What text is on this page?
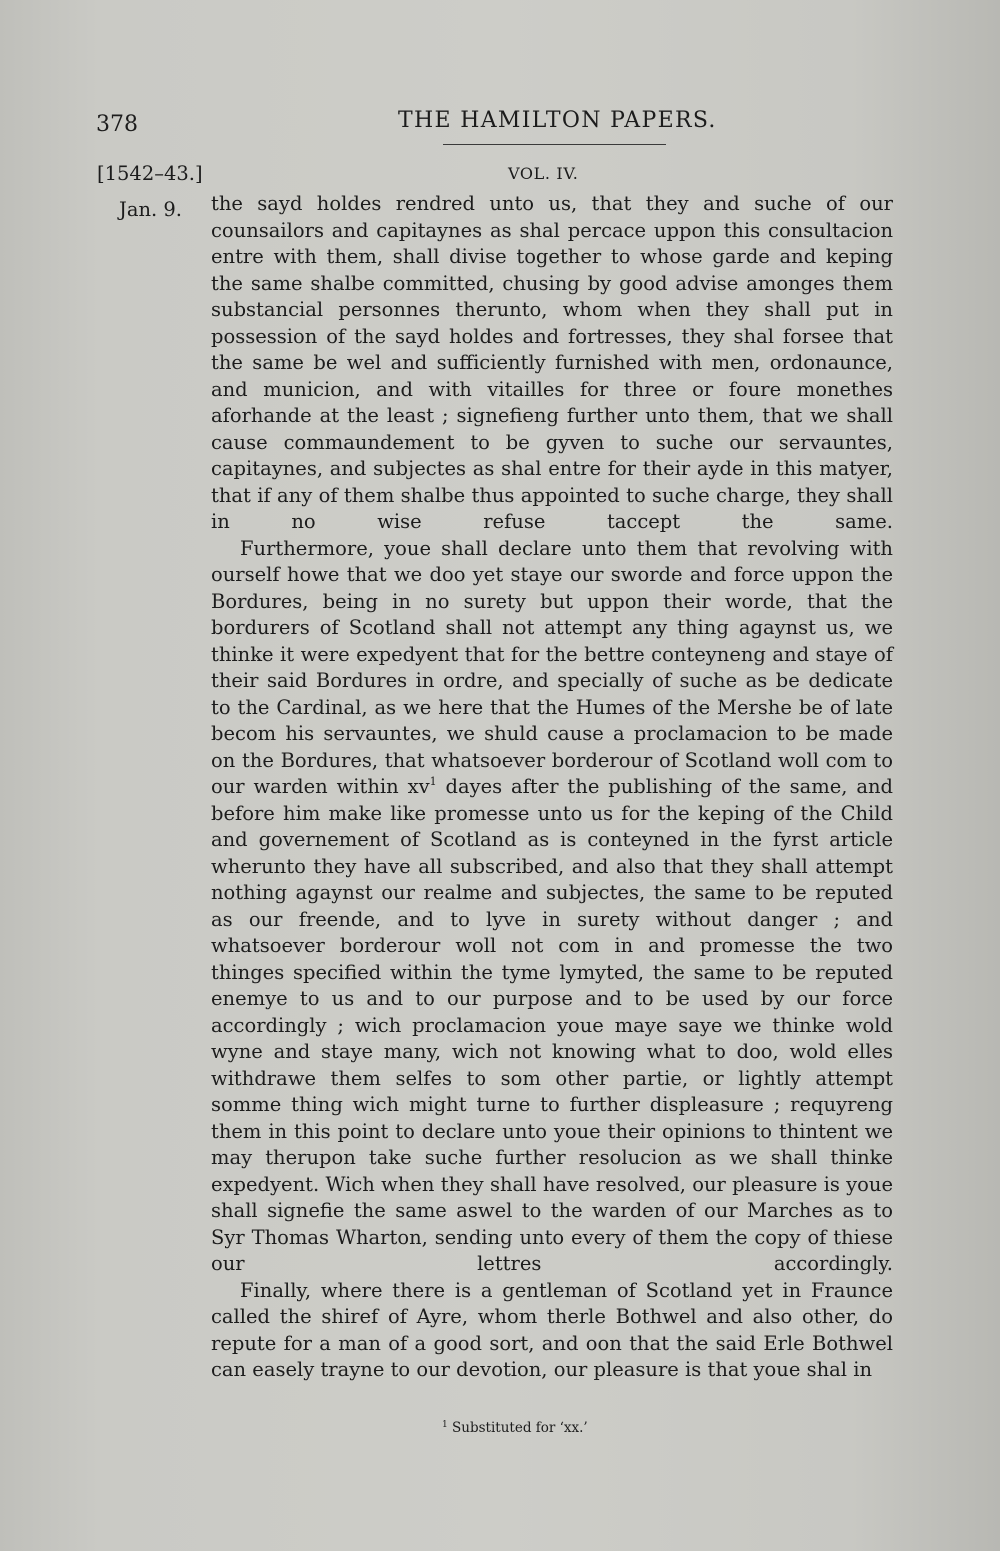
378	THE HAMILTON PAPERS.
[1542–43.]	VOL. IV.
Jan. 9. the sayd holdes rendred unto us, that they and suche of our counsailors and capitaynes as shal percace uppon this consultacion entre with them, shall divise together to whose garde and keping the same shalbe committed, chusing by good advise amonges them substancial personnes therunto, whom when they shall put in possession of the sayd holdes and fortresses, they shal forsee that the same be wel and sufficiently furnished with men, ordonaunce, and municion, and with vitailles for three or foure monethes aforhande at the least ; signefieng further unto them, that we shall cause commaundement to be gyven to suche our servauntes, capitaynes, and subjectes as shal entre for their ayde in this matyer, that if any of them shalbe thus appointed to suche charge, they shall in no wise refuse taccept the same.

Furthermore, youe shall declare unto them that revolving with ourself howe that we doo yet staye our sworde and force uppon the Bordures, being in no surety but uppon their worde, that the bordurers of Scotland shall not attempt any thing agaynst us, we thinke it were expedyent that for the bettre conteyneng and staye of their said Bordures in ordre, and specially of suche as be dedicate to the Cardinal, as we here that the Humes of the Mershe be of late becom his servauntes, we shuld cause a proclamacion to be made on the Bordures, that whatsoever borderour of Scotland woll com to our warden within $xv^1$ dayes after the publishing of the same, and before him make like promesse unto us for the keping of the Child and governement of Scotland as is conteyned in the fyrst article wherunto they have all subscribed, and also that they shall attempt nothing agaynst our realme and subjectes, the same to be reputed as our freende, and to lyve in surety without danger ; and whatsoever borderour woll not com in and promesse the two thinges specified within the tyme lymyted, the same to be reputed enemye to us and to our purpose and to be used by our force accordingly ; wich proclamacion youe maye saye we thinke wold wyne and staye many, wich not knowing what to doo, wold elles withdrawe them selfes to som other partie, or lightly attempt somme thing wich might turne to further displeasure ; requyreng them in this point to declare unto youe their opinions to thintent we may therupon take suche further resolucion as we shall thinke expedyent. Wich when they shall have resolved, our pleasure is youe shall signefie the same aswel to the warden of our Marches as to Syr Thomas Wharton, sending unto every of them the copy of thiese our lettres	accordingly.

Finally, where there is a gentleman of Scotland yet in Fraunce called the shiref of Ayre, whom therle Bothwel and also other, do repute for a man of a good sort, and oon that the said Erle Bothwel can easely trayne to our devotion, our pleasure is that youe shal in

$^1$ Substituted for ‘xx.’
